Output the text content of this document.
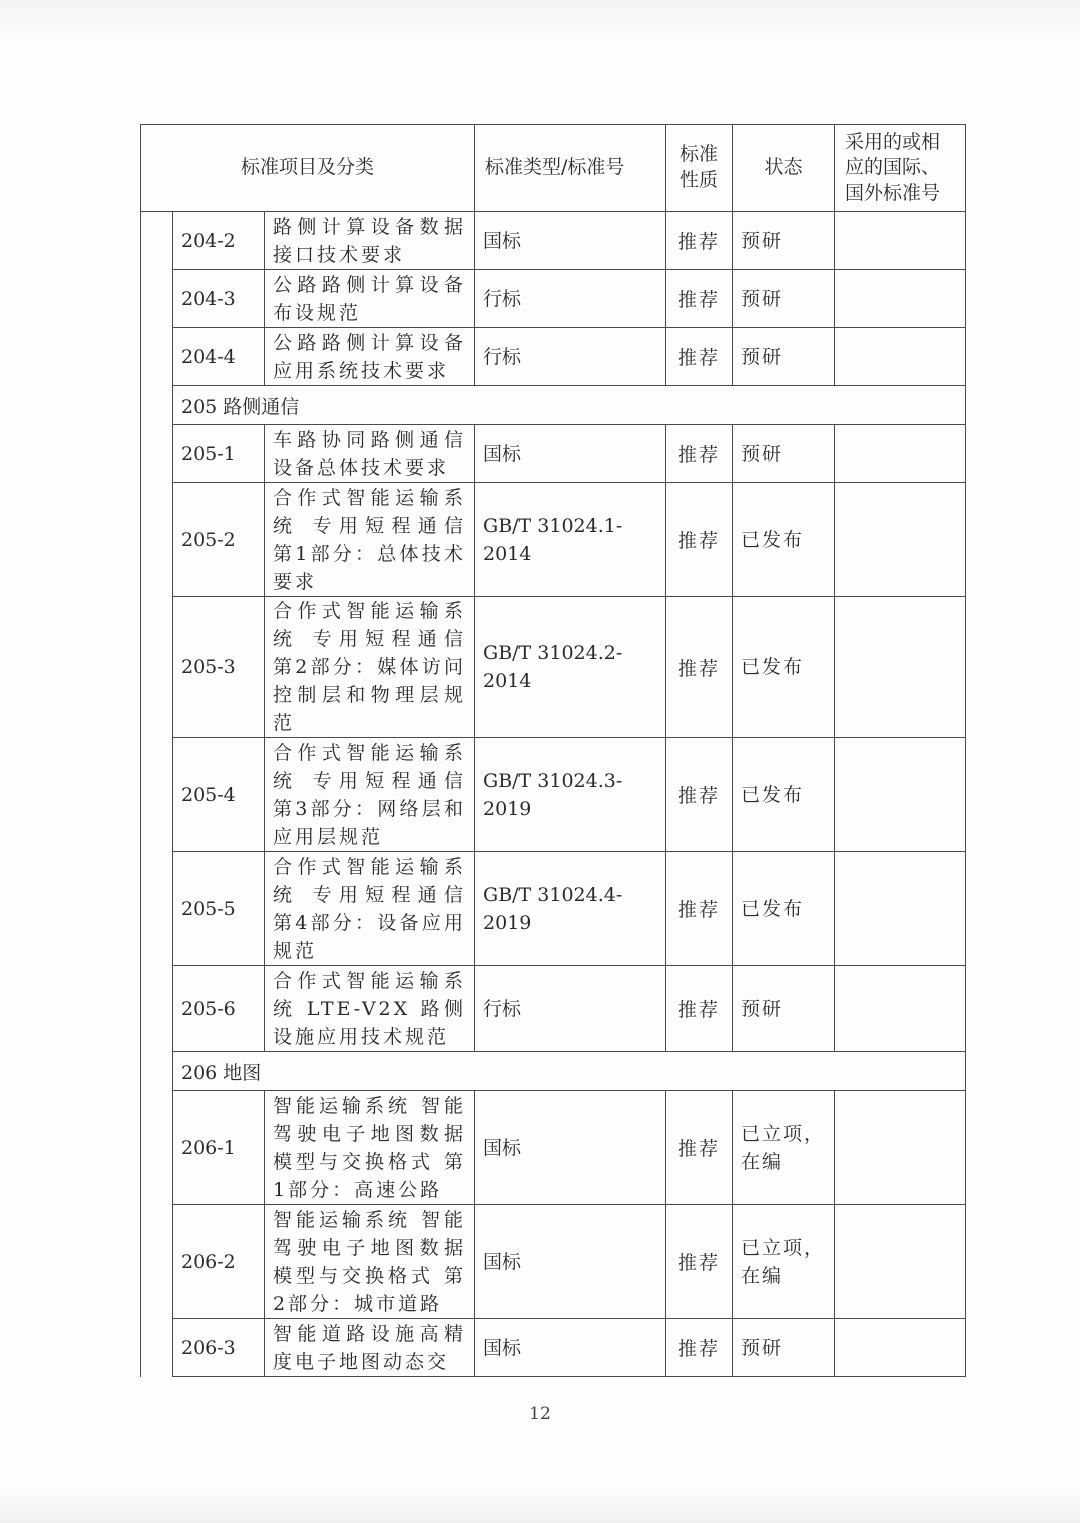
标准项目及分类			标准类型/标准号	标准性质	状态	采用的或相应的国际、国外标准号
	204-2	路侧计算设备数据接口技术要求	国标	推荐	预研	
	204-3	公路路侧计算设备布设规范	行标	推荐	预研	
	204-4	公路路侧计算设备应用系统技术要求	行标	推荐	预研	
	205 路侧通信					
	205-1	车路协同路侧通信设备总体技术要求	国标	推荐	预研	
	205-2	合作式智能运输系统 专用短程通信 第1部分：总体技术要求	GB/T 31024.1-2014	推荐	已发布	
	205-3	合作式智能运输系统 专用短程通信 第2部分：媒体访问控制层和物理层规范	GB/T 31024.2-2014	推荐	已发布	
	205-4	合作式智能运输系统 专用短程通信 第3部分：网络层和应用层规范	GB/T 31024.3-2019	推荐	已发布	
	205-5	合作式智能运输系统 专用短程通信 第4部分：设备应用规范	GB/T 31024.4-2019	推荐	已发布	
	205-6	合作式智能运输系统 LTE-V2X 路侧设施应用技术规范	行标	推荐	预研	
	206 地图					
	206-1	智能运输系统 智能驾驶电子地图数据模型与交换格式 第1部分：高速公路	国标	推荐	已立项，在编	
	206-2	智能运输系统 智能驾驶电子地图数据模型与交换格式 第2部分：城市道路	国标	推荐	已立项，在编	
	206-3	智能道路设施高精度电子地图动态交	国标	推荐	预研	
12
